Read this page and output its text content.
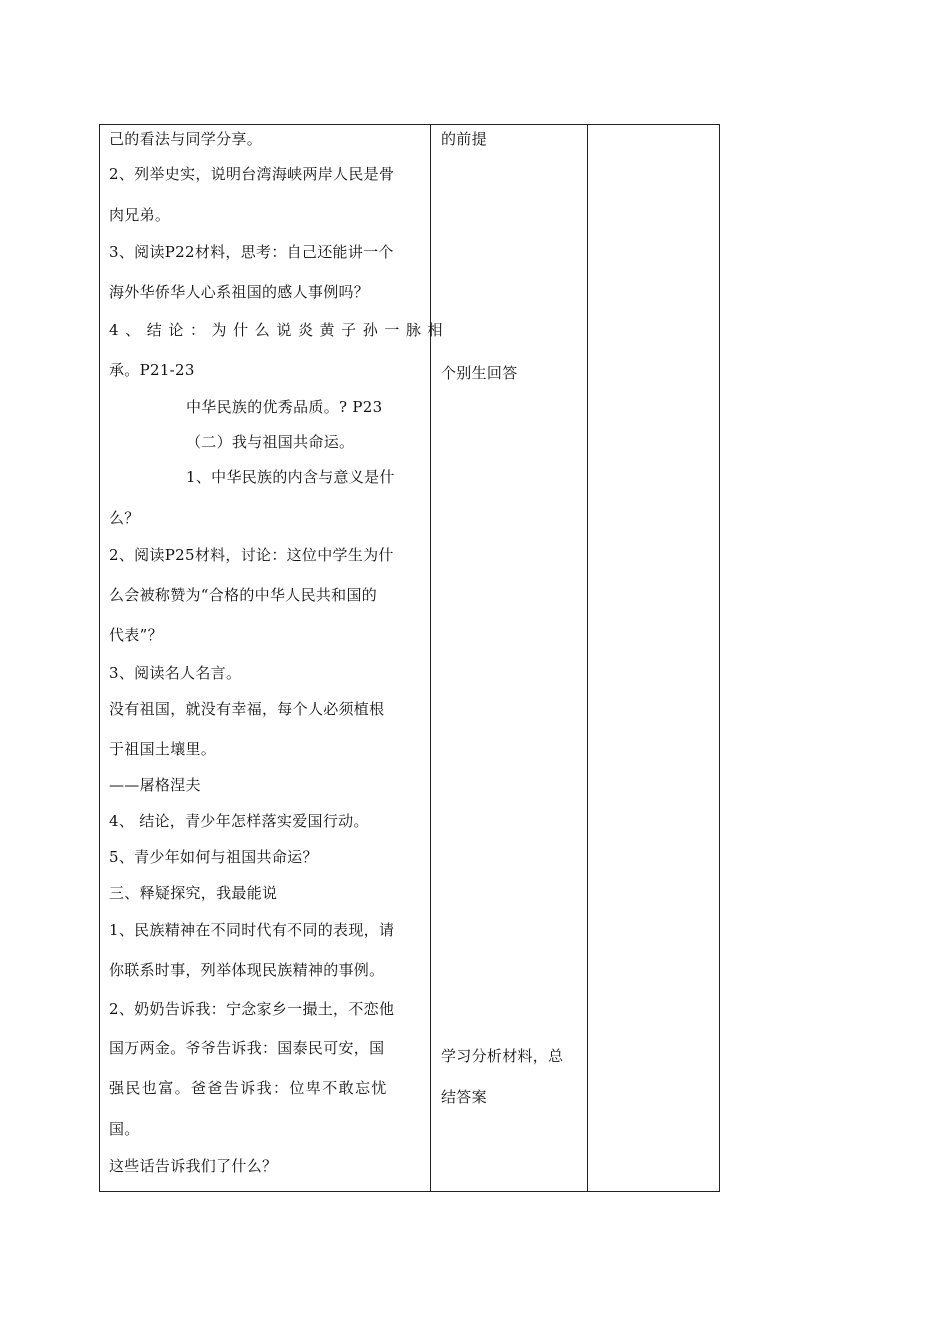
己的看法与同学分享。
2、列举史实，说明台湾海峡两岸人民是骨
肉兄弟。
3、阅读P22材料，思考：自己还能讲一个
海外华侨华人心系祖国的感人事例吗？
4、结论：为什么说炎黄子孙一脉相
承。P21-23
中华民族的优秀品质。? P23
（二）我与祖国共命运。
1、中华民族的内含与意义是什
么？
2、阅读P25材料，讨论：这位中学生为什
么会被称赞为“合格的中华人民共和国的
代表”？
3、阅读名人名言。
没有祖国，就没有幸福，每个人必须植根
于祖国土壤里。
——屠格涅夫
4、 结论，青少年怎样落实爱国行动。
5、青少年如何与祖国共命运？
三、释疑探究，我最能说
1、民族精神在不同时代有不同的表现，请
你联系时事，列举体现民族精神的事例。
2、奶奶告诉我：宁念家乡一撮土，不恋他
国万两金。爷爷告诉我：国泰民可安，国
强民也富。爸爸告诉我：位卑不敢忘忧
国。
这些话告诉我们了什么？
的前提
个别生回答
学习分析材料，总
结答案
